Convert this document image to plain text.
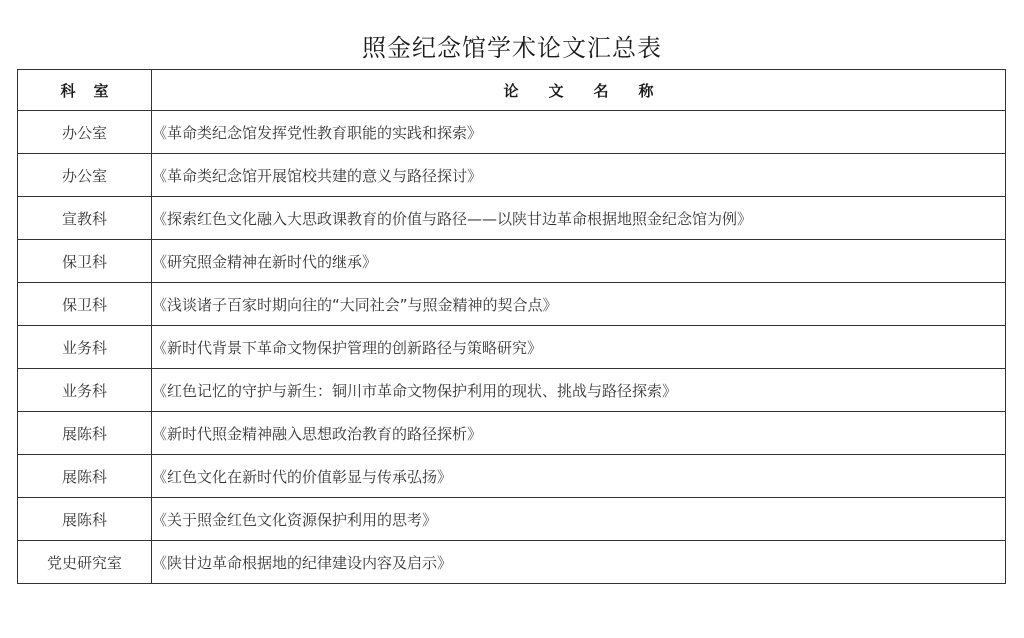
照金纪念馆学术论文汇总表
科室	论文名称
办公室	《革命类纪念馆发挥党性教育职能的实践和探索》
办公室	《革命类纪念馆开展馆校共建的意义与路径探讨》
宣教科	《探索红色文化融入大思政课教育的价值与路径——以陕甘边革命根据地照金纪念馆为例》
保卫科	《研究照金精神在新时代的继承》
保卫科	《浅谈诸子百家时期向往的“大同社会”与照金精神的契合点》
业务科	《新时代背景下革命文物保护管理的创新路径与策略研究》
业务科	《红色记忆的守护与新生：铜川市革命文物保护利用的现状、挑战与路径探索》
展陈科	《新时代照金精神融入思想政治教育的路径探析》
展陈科	《红色文化在新时代的价值彰显与传承弘扬》
展陈科	《关于照金红色文化资源保护利用的思考》
党史研究室	《陕甘边革命根据地的纪律建设内容及启示》
